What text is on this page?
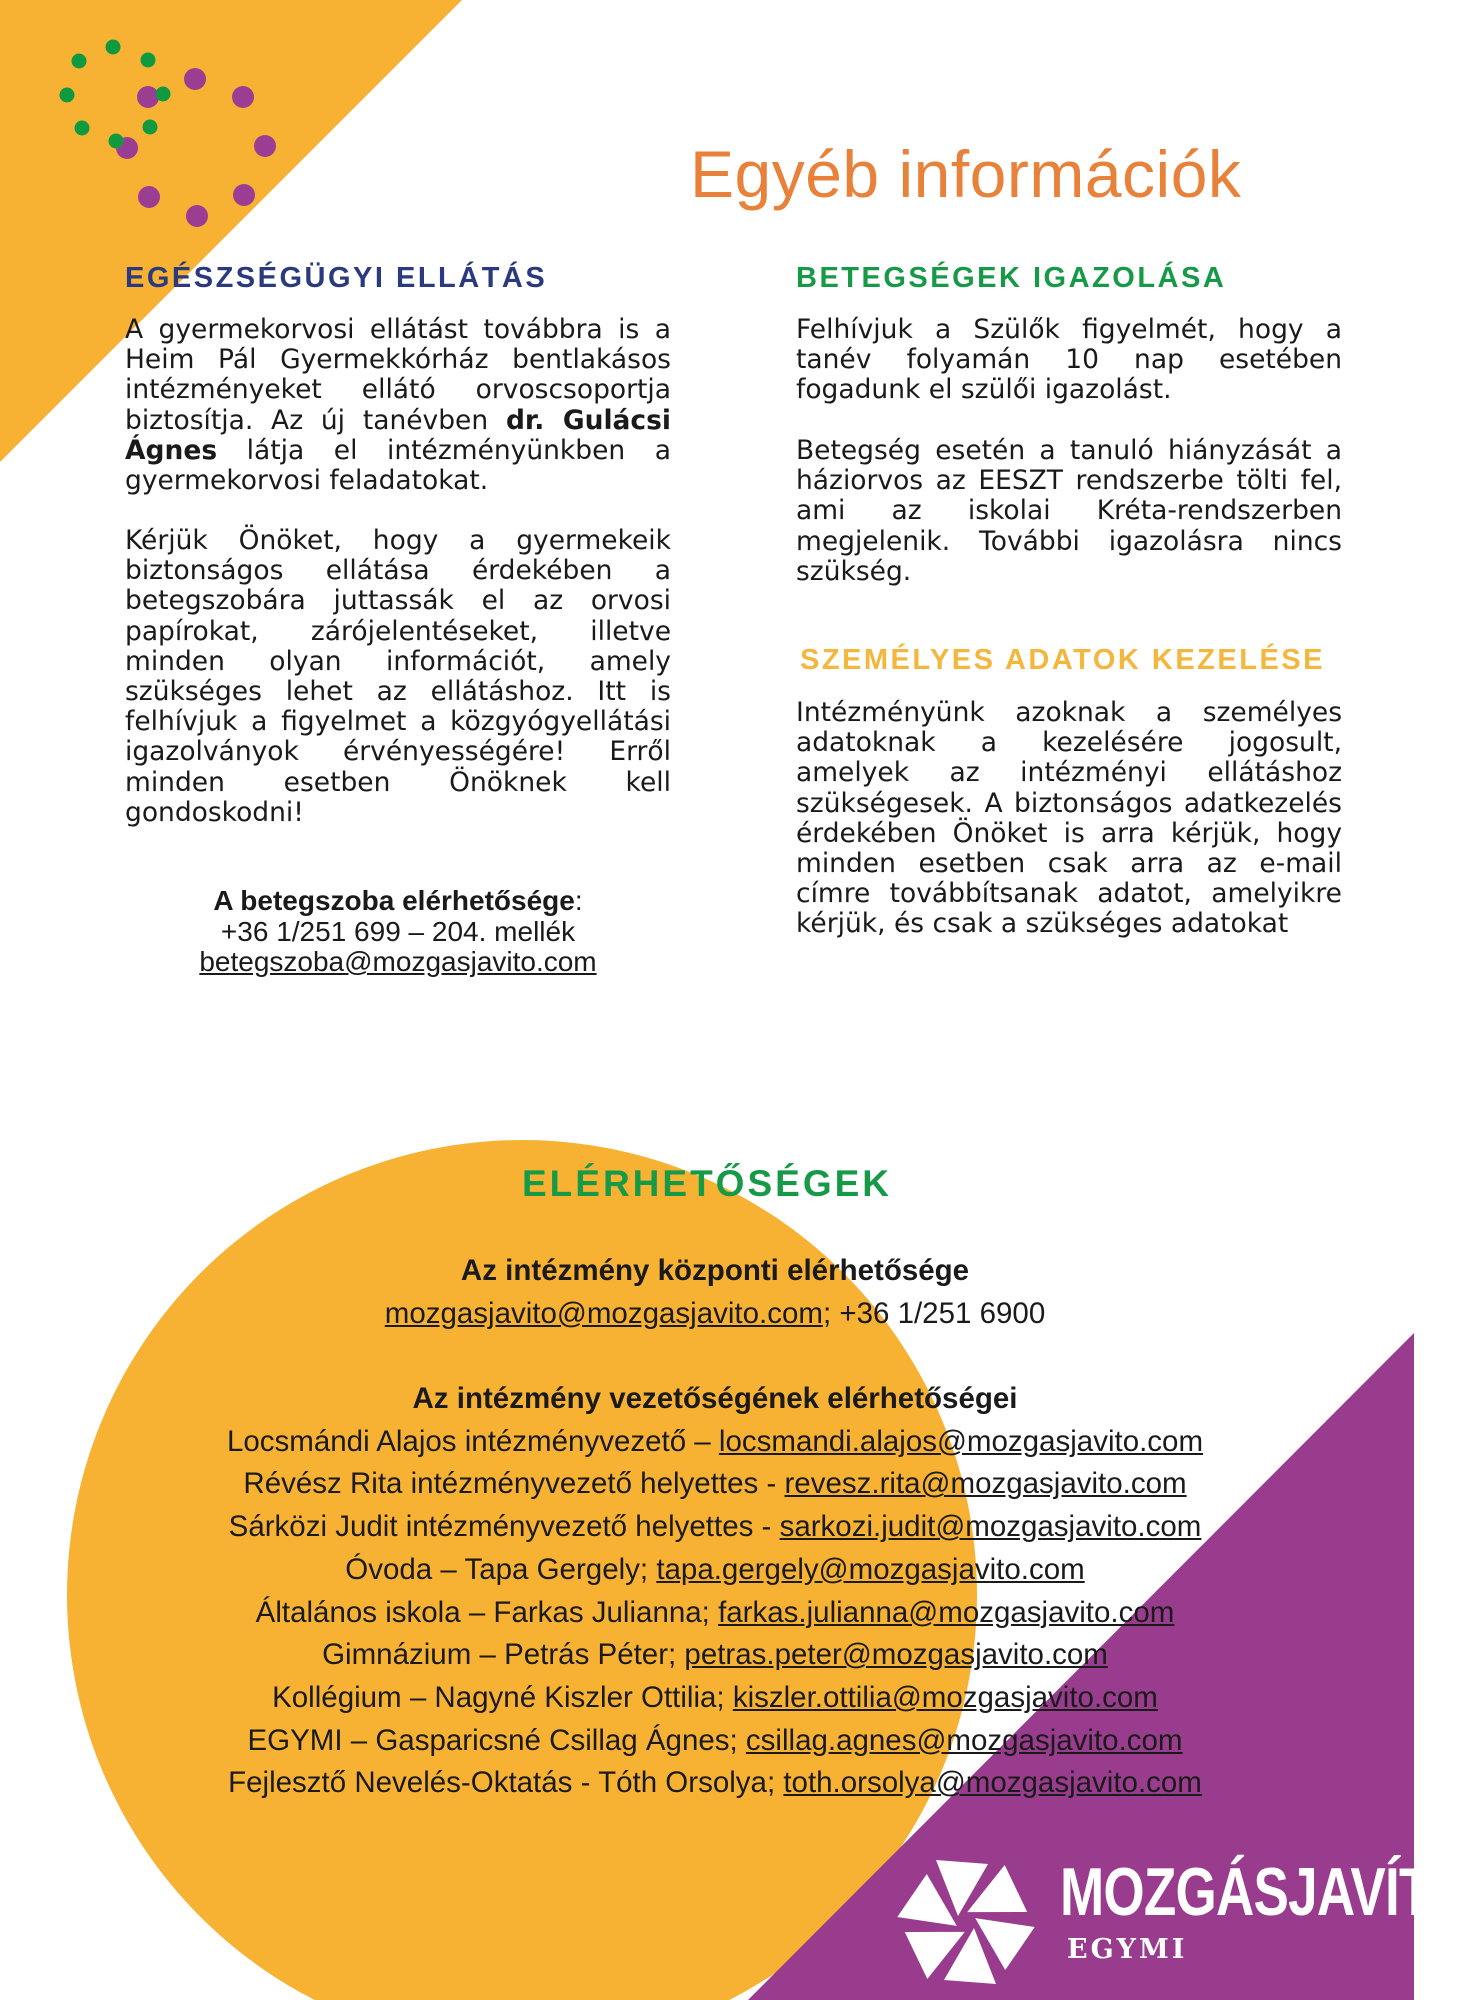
Egyéb információk
EGÉSZSÉGÜGYI ELLÁTÁS

A gyermekorvosi ellátást továbbra is a Heim Pál Gyermekkórház bentlakásos intézményeket ellátó orvoscsoportja biztosítja. Az új tanévben dr. Gulácsi Ágnes látja el intézményünkben a gyermekorvosi feladatokat.

Kérjük Önöket, hogy a gyermekeik biztonságos ellátása érdekében a betegszobára juttassák el az orvosi papírokat, zárójelentéseket, illetve minden olyan információt, amely szükséges lehet az ellátáshoz. Itt is felhívjuk a figyelmet a közgyógyellátási igazolványok érvényességére! Erről minden esetben Önöknek kell gondoskodni!

A betegszoba elérhetősége:
+36 1/251 699 – 204. mellék
betegszoba@mozgasjavito.com
BETEGSÉGEK IGAZOLÁSA

Felhívjuk a Szülők figyelmét, hogy a tanév folyamán 10 nap esetében fogadunk el szülői igazolást.

Betegség esetén a tanuló hiányzását a háziorvos az EESZT rendszerbe tölti fel, ami az iskolai Kréta-rendszerben megjelenik. További igazolásra nincs szükség.

SZEMÉLYES ADATOK KEZELÉSE

Intézményünk azoknak a személyes adatoknak a kezelésére jogosult, amelyek az intézményi ellátáshoz szükségesek. A biztonságos adatkezelés érdekében Önöket is arra kérjük, hogy minden esetben csak arra az e-mail címre továbbítsanak adatot, amelyikre kérjük, és csak a szükséges adatokat

ELÉRHETŐSÉGEK
Az intézmény központi elérhetősége
mozgasjavito@mozgasjavito.com; +36 1/251 6900
Az intézmény vezetőségének elérhetőségei
Locsmándi Alajos intézményvezető – locsmandi.alajos@mozgasjavito.com
Révész Rita intézményvezető helyettes - revesz.rita@mozgasjavito.com
Sárközi Judit intézményvezető helyettes - sarkozi.judit@mozgasjavito.com
Óvoda – Tapa Gergely; tapa.gergely@mozgasjavito.com
Általános iskola – Farkas Julianna; farkas.julianna@mozgasjavito.com
Gimnázium – Petrás Péter; petras.peter@mozgasjavito.com
Kollégium – Nagyné Kiszler Ottilia; kiszler.ottilia@mozgasjavito.com
EGYMI – Gasparicsné Csillag Ágnes; csillag.agnes@mozgasjavito.com
Fejlesztő Nevelés-Oktatás - Tóth Orsolya; toth.orsolya@mozgasjavito.com
MOZGÁSJAVÍTÓ
EGYMI
